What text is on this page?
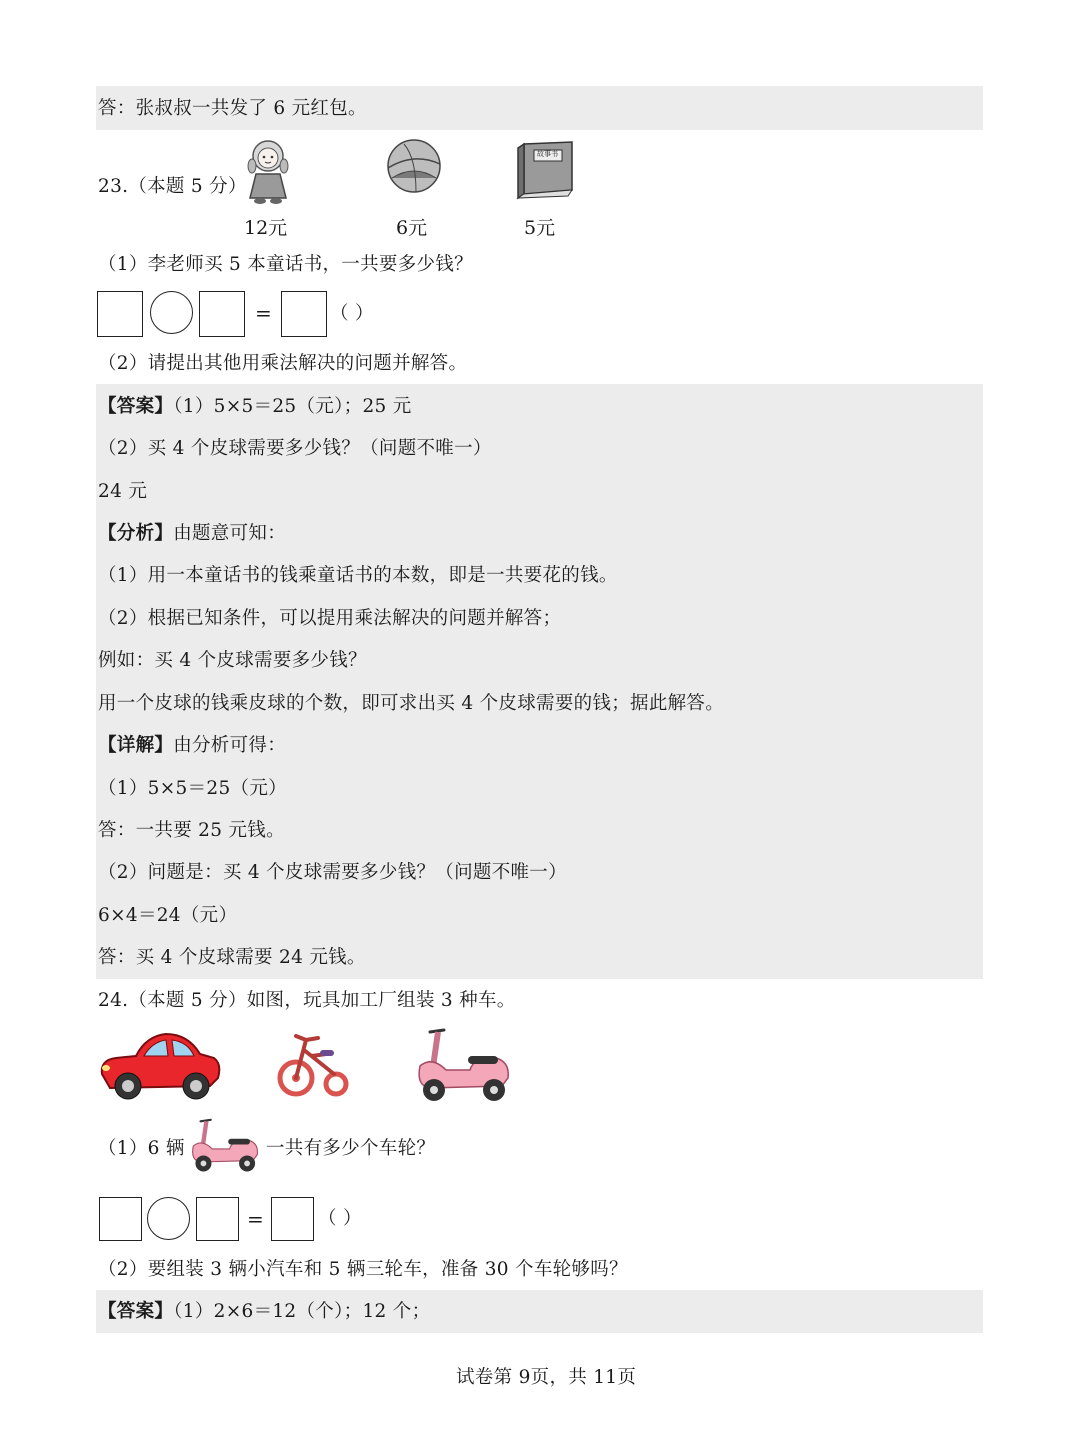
答：张叔叔一共发了 6 元红包。

23.（本题 5 分）

12元	6元
故事书
5元

（1）李老师买 5 本童话书，一共要多少钱？

=	（ ）

（2）请提出其他用乘法解决的问题并解答。

【答案】（1）5×5＝25（元）；25 元

（2）买 4 个皮球需要多少钱？（问题不唯一）

24 元

【分析】由题意可知：

（1）用一本童话书的钱乘童话书的本数，即是一共要花的钱。

（2）根据已知条件，可以提用乘法解决的问题并解答；

例如：买 4 个皮球需要多少钱？

用一个皮球的钱乘皮球的个数，即可求出买 4 个皮球需要的钱；据此解答。

【详解】由分析可得：

（1）5×5＝25（元）

答：一共要 25 元钱。

（2）问题是：买 4 个皮球需要多少钱？（问题不唯一）

6×4＝24（元）

答：买 4 个皮球需要 24 元钱。

24.（本题 5 分）如图，玩具加工厂组装 3 种车。

（1）6 辆	一共有多少个车轮？

=	（ ）

（2）要组装 3 辆小汽车和 5 辆三轮车，准备 30 个车轮够吗？

【答案】（1）2×6＝12（个）；12 个；

试卷第 9页，共 11页
